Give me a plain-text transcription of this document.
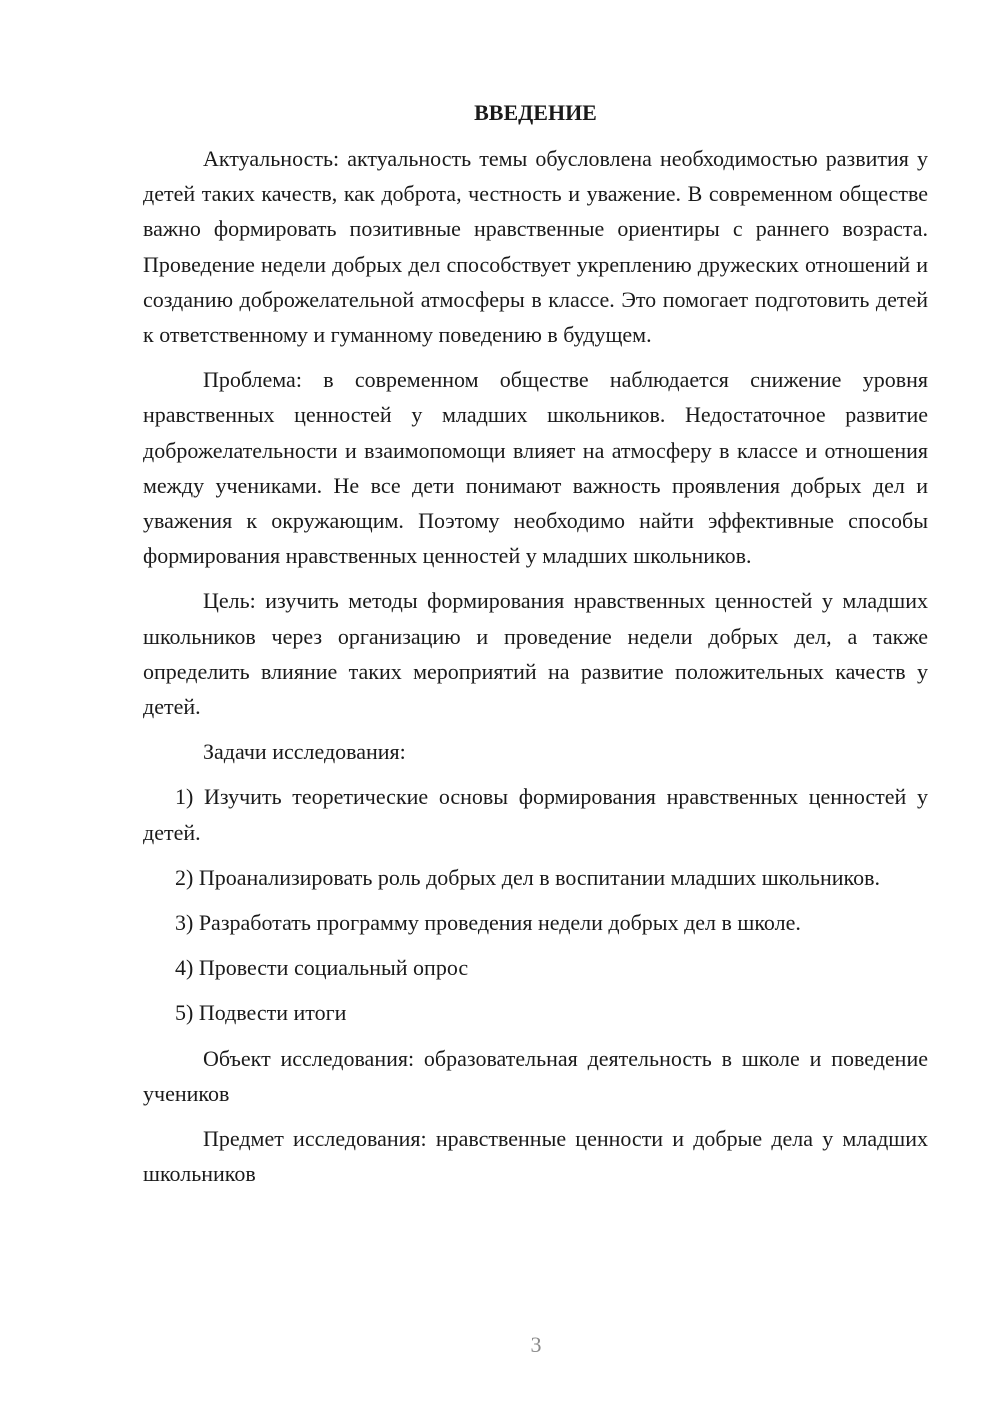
ВВЕДЕНИЕ

Актуальность: актуальность темы обусловлена необходимостью развития у детей таких качеств, как доброта, честность и уважение. В современном обществе важно формировать позитивные нравственные ориентиры с раннего возраста. Проведение недели добрых дел способствует укреплению дружеских отношений и созданию доброжелательной атмосферы в классе. Это помогает подготовить детей к ответственному и гуманному поведению в будущем.

Проблема: в современном обществе наблюдается снижение уровня нравственных ценностей у младших школьников. Недостаточное развитие доброжелательности и взаимопомощи влияет на атмосферу в классе и отношения между учениками. Не все дети понимают важность проявления добрых дел и уважения к окружающим. Поэтому необходимо найти эффективные способы формирования нравственных ценностей у младших школьников.

Цель: изучить методы формирования нравственных ценностей у младших школьников через организацию и проведение недели добрых дел, а также определить влияние таких мероприятий на развитие положительных качеств у детей.

Задачи исследования:

1) Изучить теоретические основы формирования нравственных ценностей у детей.

2) Проанализировать роль добрых дел в воспитании младших школьников.

3) Разработать программу проведения недели добрых дел в школе.

4) Провести социальный опрос

5) Подвести итоги

Объект исследования: образовательная деятельность в школе и поведение учеников

Предмет исследования: нравственные ценности и добрые дела у младших школьников

3
